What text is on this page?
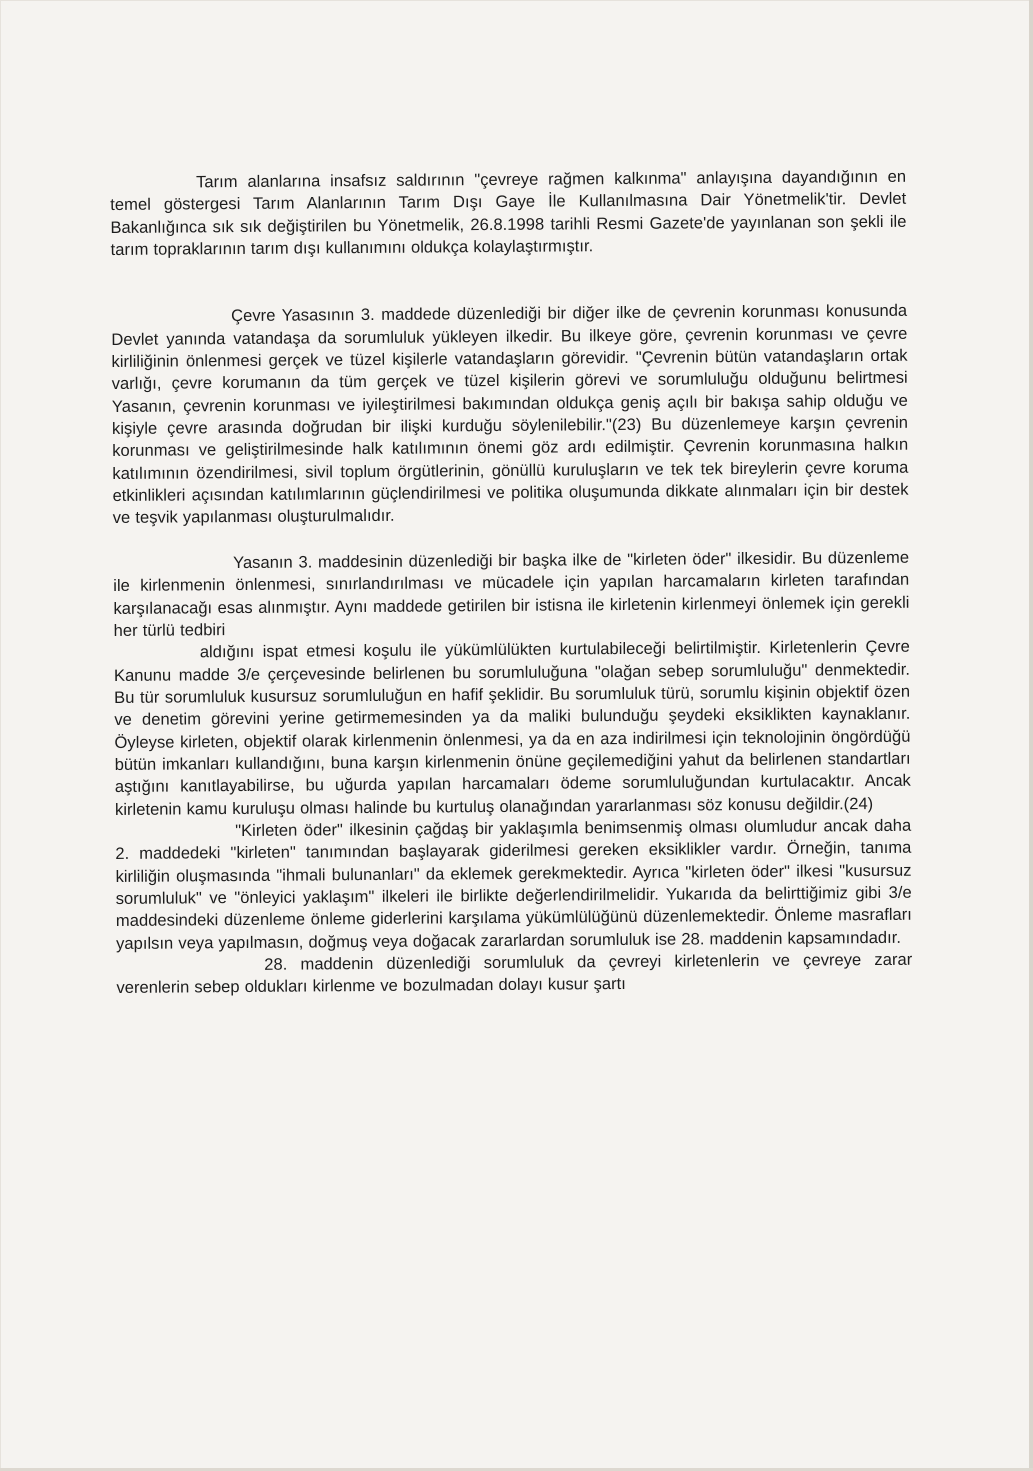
Tarım alanlarına insafsız saldırının "çevreye rağmen kalkınma" anlayışına dayandığının en temel göstergesi Tarım Alanlarının Tarım Dışı Gaye İle Kullanılmasına Dair Yönetmelik'tir. Devlet Bakanlığınca sık sık değiştirilen bu Yönetmelik, 26.8.1998 tarihli Resmi Gazete'de yayınlanan son şekli ile tarım topraklarının tarım dışı kullanımını oldukça kolaylaştırmıştır.

Çevre Yasasının 3. maddede düzenlediği bir diğer ilke de çevrenin korunması konusunda Devlet yanında vatandaşa da sorumluluk yükleyen ilkedir. Bu ilkeye göre, çevrenin korunması ve çevre kirliliğinin önlenmesi gerçek ve tüzel kişilerle vatandaşların görevidir. "Çevrenin bütün vatandaşların ortak varlığı, çevre korumanın da tüm gerçek ve tüzel kişilerin görevi ve sorumluluğu olduğunu belirtmesi Yasanın, çevrenin korunması ve iyileştirilmesi bakımından oldukça geniş açılı bir bakışa sahip olduğu ve kişiyle çevre arasında doğrudan bir ilişki kurduğu söylenilebilir."(23) Bu düzenlemeye karşın çevrenin korunması ve geliştirilmesinde halk katılımının önemi göz ardı edilmiştir. Çevrenin korunmasına halkın katılımının özendirilmesi, sivil toplum örgütlerinin, gönüllü kuruluşların ve tek tek bireylerin çevre koruma etkinlikleri açısından katılımlarının güçlendirilmesi ve politika oluşumunda dikkate alınmaları için bir destek ve teşvik yapılanması oluşturulmalıdır.

Yasanın 3. maddesinin düzenlediği bir başka ilke de "kirleten öder" ilkesidir. Bu düzenleme ile kirlenmenin önlenmesi, sınırlandırılması ve mücadele için yapılan harcamaların kirleten tarafından karşılanacağı esas alınmıştır. Aynı maddede getirilen bir istisna ile kirletenin kirlenmeyi önlemek için gerekli her türlü tedbiri

aldığını ispat etmesi koşulu ile yükümlülükten kurtulabileceği belirtilmiştir. Kirletenlerin Çevre Kanunu madde 3/e çerçevesinde belirlenen bu sorumluluğuna "olağan sebep sorumluluğu" denmektedir. Bu tür sorumluluk kusursuz sorumluluğun en hafif şeklidir. Bu sorumluluk türü, sorumlu kişinin objektif özen ve denetim görevini yerine getirmemesinden ya da maliki bulunduğu şeydeki eksiklikten kaynaklanır. Öyleyse kirleten, objektif olarak kirlenmenin önlenmesi, ya da en aza indirilmesi için teknolojinin öngördüğü bütün imkanları kullandığını, buna karşın kirlenmenin önüne geçilemediğini yahut da belirlenen standartları aştığını kanıtlayabilirse, bu uğurda yapılan harcamaları ödeme sorumluluğundan kurtulacaktır. Ancak kirletenin kamu kuruluşu olması halinde bu kurtuluş olanağından yararlanması söz konusu değildir.(24)

"Kirleten öder" ilkesinin çağdaş bir yaklaşımla benimsenmiş olması olumludur ancak daha 2. maddedeki "kirleten" tanımından başlayarak giderilmesi gereken eksiklikler vardır. Örneğin, tanıma kirliliğin oluşmasında "ihmali bulunanları" da eklemek gerekmektedir. Ayrıca "kirleten öder" ilkesi "kusursuz sorumluluk" ve "önleyici yaklaşım" ilkeleri ile birlikte değerlendirilmelidir. Yukarıda da belirttiğimiz gibi 3/e maddesindeki düzenleme önleme giderlerini karşılama yükümlülüğünü düzenlemektedir. Önleme masrafları yapılsın veya yapılmasın, doğmuş veya doğacak zararlardan sorumluluk ise 28. maddenin kapsamındadır.

28. maddenin düzenlediği sorumluluk da çevreyi kirletenlerin ve çevreye zarar verenlerin sebep oldukları kirlenme ve bozulmadan dolayı kusur şartı
